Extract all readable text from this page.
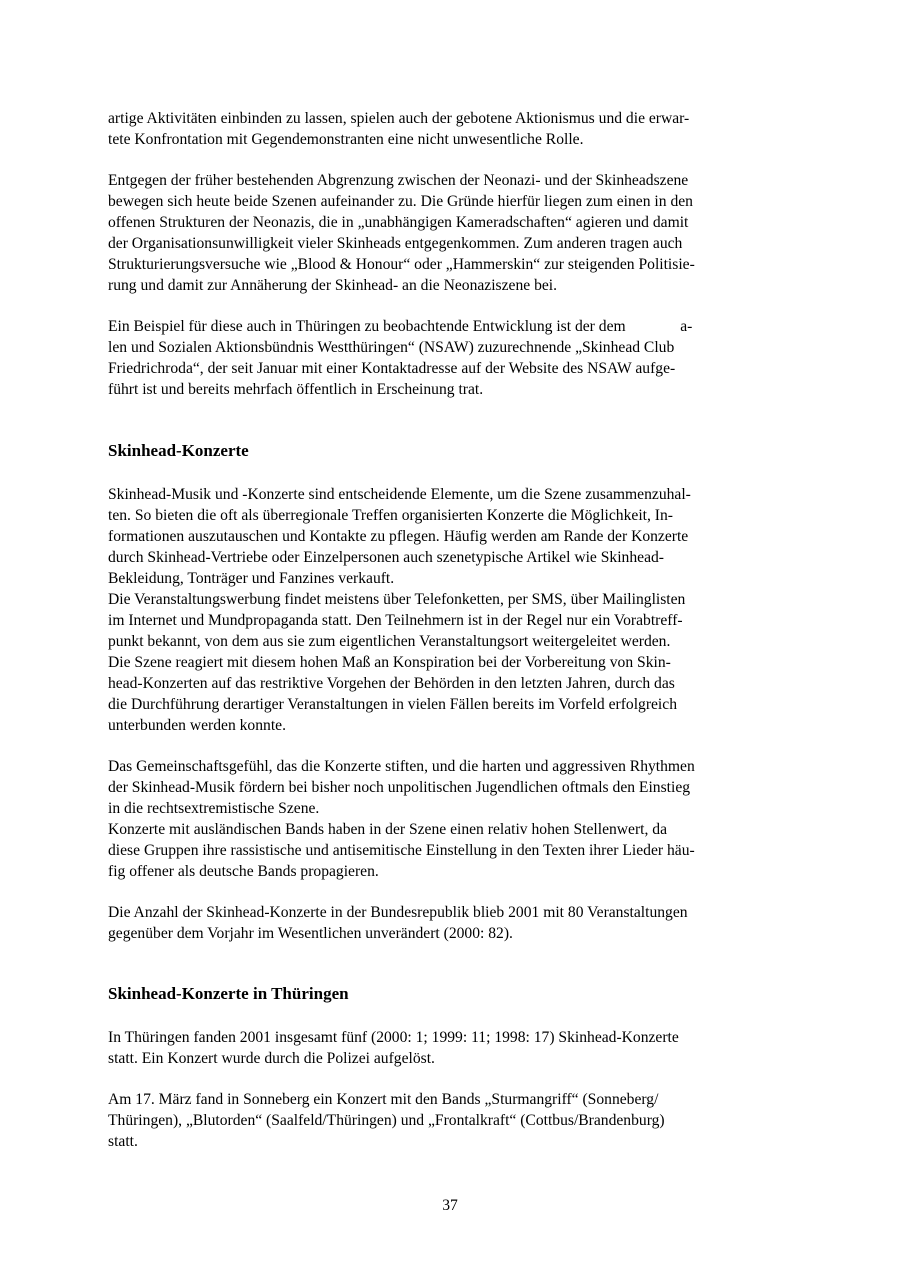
artige Aktivitäten einbinden zu lassen, spielen auch der gebotene Aktionismus und die erwar-
tete Konfrontation mit Gegendemonstranten eine nicht unwesentliche Rolle.
Entgegen der früher bestehenden Abgrenzung zwischen der Neonazi- und der Skinheadszene
bewegen sich heute beide Szenen aufeinander zu. Die Gründe hierfür liegen zum einen in den
offenen Strukturen der Neonazis, die in „unabhängigen Kameradschaften“ agieren und damit
der Organisationsunwilligkeit vieler Skinheads entgegenkommen. Zum anderen tragen auch
Strukturierungsversuche wie „Blood & Honour“ oder „Hammerskin“ zur steigenden Politisie-
rung und damit zur Annäherung der Skinhead- an die Neonaziszene bei.
Ein Beispiel für diese auch in Thüringen zu beobachtende Entwicklung ist der dem              a-
len und Sozialen Aktionsbündnis Westthüringen“ (NSAW) zuzurechnende „Skinhead Club
Friedrichroda“, der seit Januar mit einer Kontaktadresse auf der Website des NSAW aufge-
führt ist und bereits mehrfach öffentlich in Erscheinung trat.
Skinhead-Konzerte
Skinhead-Musik und -Konzerte sind entscheidende Elemente, um die Szene zusammenzuhal-
ten. So bieten die oft als überregionale Treffen organisierten Konzerte die Möglichkeit, In-
formationen auszutauschen und Kontakte zu pflegen. Häufig werden am Rande der Konzerte
durch Skinhead-Vertriebe oder Einzelpersonen auch szenetypische Artikel wie Skinhead-
Bekleidung, Tonträger und Fanzines verkauft.
Die Veranstaltungswerbung findet meistens über Telefonketten, per SMS, über Mailinglisten
im Internet und Mundpropaganda statt. Den Teilnehmern ist in der Regel nur ein Vorabtreff-
punkt bekannt, von dem aus sie zum eigentlichen Veranstaltungsort weitergeleitet werden.
Die Szene reagiert mit diesem hohen Maß an Konspiration bei der Vorbereitung von Skin-
head-Konzerten auf das restriktive Vorgehen der Behörden in den letzten Jahren, durch das
die Durchführung derartiger Veranstaltungen in vielen Fällen bereits im Vorfeld erfolgreich
unterbunden werden konnte.
Das Gemeinschaftsgefühl, das die Konzerte stiften, und die harten und aggressiven Rhythmen
der Skinhead-Musik fördern bei bisher noch unpolitischen Jugendlichen oftmals den Einstieg
in die rechtsextremistische Szene.
Konzerte mit ausländischen Bands haben in der Szene einen relativ hohen Stellenwert, da
diese Gruppen ihre rassistische und antisemitische Einstellung in den Texten ihrer Lieder häu-
fig offener als deutsche Bands propagieren.
Die Anzahl der Skinhead-Konzerte in der Bundesrepublik blieb 2001 mit 80 Veranstaltungen
gegenüber dem Vorjahr im Wesentlichen unverändert (2000: 82).
Skinhead-Konzerte in Thüringen
In Thüringen fanden 2001 insgesamt fünf (2000: 1; 1999: 11; 1998: 17) Skinhead-Konzerte
statt. Ein Konzert wurde durch die Polizei aufgelöst.
Am 17. März fand in Sonneberg ein Konzert mit den Bands „Sturmangriff“ (Sonneberg/
Thüringen), „Blutorden“ (Saalfeld/Thüringen) und „Frontalkraft“ (Cottbus/Brandenburg)
statt.
37
